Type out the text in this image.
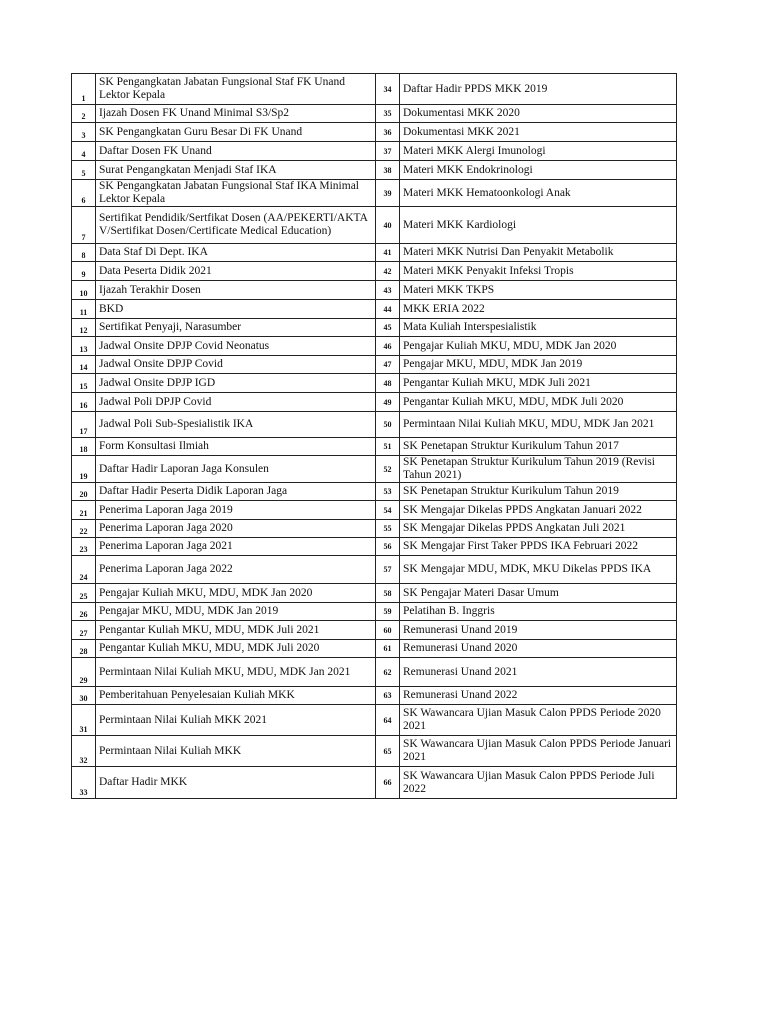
1	SK Pengangkatan Jabatan Fungsional Staf FK Unand Lektor Kepala	34	Daftar Hadir PPDS MKK 2019
2	Ijazah Dosen FK Unand Minimal S3/Sp2	35	Dokumentasi MKK 2020
3	SK Pengangkatan Guru Besar Di FK Unand	36	Dokumentasi MKK 2021
4	Daftar Dosen FK Unand	37	Materi MKK Alergi Imunologi
5	Surat Pengangkatan Menjadi Staf IKA	38	Materi MKK Endokrinologi
6	SK Pengangkatan Jabatan Fungsional Staf IKA Minimal Lektor Kepala	39	Materi MKK Hematoonkologi Anak
7	Sertifikat Pendidik/Sertfikat Dosen (AA/PEKERTI/AKTA V/Sertifikat Dosen/Certificate Medical Education)	40	Materi MKK Kardiologi
8	Data Staf Di Dept. IKA	41	Materi MKK Nutrisi Dan Penyakit Metabolik
9	Data Peserta Didik 2021	42	Materi MKK Penyakit Infeksi Tropis
10	Ijazah Terakhir Dosen	43	Materi MKK TKPS
11	BKD	44	MKK ERIA 2022
12	Sertifikat Penyaji, Narasumber	45	Mata Kuliah Interspesialistik
13	Jadwal Onsite DPJP Covid Neonatus	46	Pengajar Kuliah MKU, MDU, MDK Jan 2020
14	Jadwal Onsite DPJP Covid	47	Pengajar MKU, MDU, MDK Jan 2019
15	Jadwal Onsite DPJP IGD	48	Pengantar Kuliah MKU, MDK Juli 2021
16	Jadwal Poli DPJP Covid	49	Pengantar Kuliah MKU, MDU, MDK Juli 2020
17	Jadwal Poli Sub-Spesialistik IKA	50	Permintaan Nilai Kuliah MKU, MDU, MDK Jan 2021
18	Form Konsultasi Ilmiah	51	SK Penetapan Struktur Kurikulum Tahun 2017
19	Daftar Hadir Laporan Jaga Konsulen	52	SK Penetapan Struktur Kurikulum Tahun 2019 (Revisi Tahun 2021)
20	Daftar Hadir Peserta Didik Laporan Jaga	53	SK Penetapan Struktur Kurikulum Tahun 2019
21	Penerima Laporan Jaga 2019	54	SK Mengajar Dikelas PPDS Angkatan Januari 2022
22	Penerima Laporan Jaga 2020	55	SK Mengajar Dikelas PPDS Angkatan Juli 2021
23	Penerima Laporan Jaga 2021	56	SK Mengajar First Taker PPDS IKA Februari 2022
24	Penerima Laporan Jaga 2022	57	SK Mengajar MDU, MDK, MKU Dikelas PPDS IKA
25	Pengajar Kuliah MKU, MDU, MDK Jan 2020	58	SK Pengajar Materi Dasar Umum
26	Pengajar MKU, MDU, MDK Jan 2019	59	Pelatihan B. Inggris
27	Pengantar Kuliah MKU, MDU, MDK Juli 2021	60	Remunerasi Unand 2019
28	Pengantar Kuliah MKU, MDU, MDK Juli 2020	61	Remunerasi Unand 2020
29	Permintaan Nilai Kuliah MKU, MDU, MDK Jan 2021	62	Remunerasi Unand 2021
30	Pemberitahuan Penyelesaian Kuliah MKK	63	Remunerasi Unand 2022
31	Permintaan Nilai Kuliah MKK 2021	64	SK Wawancara Ujian Masuk Calon PPDS Periode 2020 2021
32	Permintaan Nilai Kuliah MKK	65	SK Wawancara Ujian Masuk Calon PPDS Periode Januari 2021
33	Daftar Hadir MKK	66	SK Wawancara Ujian Masuk Calon PPDS Periode Juli 2022
